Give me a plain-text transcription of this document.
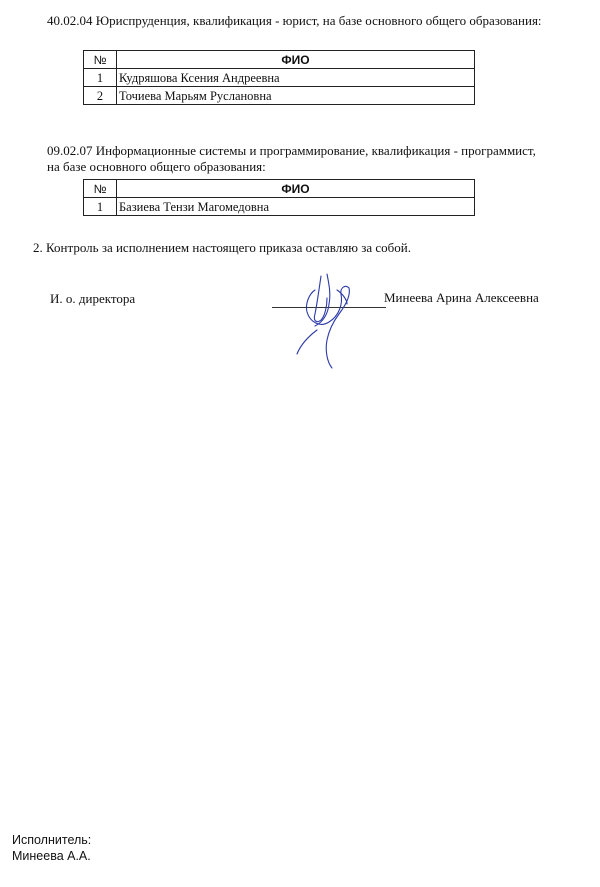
40.02.04 Юриспруденция, квалификация - юрист, на базе основного общего образования:
№	ФИО
1	Кудряшова Ксения Андреевна
2	Точиева Марьям Руслановна
09.02.07 Информационные системы и программирование, квалификация - программист,
на базе основного общего образования:
№	ФИО
1	Базиева Тензи Магомедовна
2. Контроль за исполнением настоящего приказа оставляю за собой.
И. о. директора	Минеева Арина Алексеевна
Исполнитель:
Минеева А.А.
